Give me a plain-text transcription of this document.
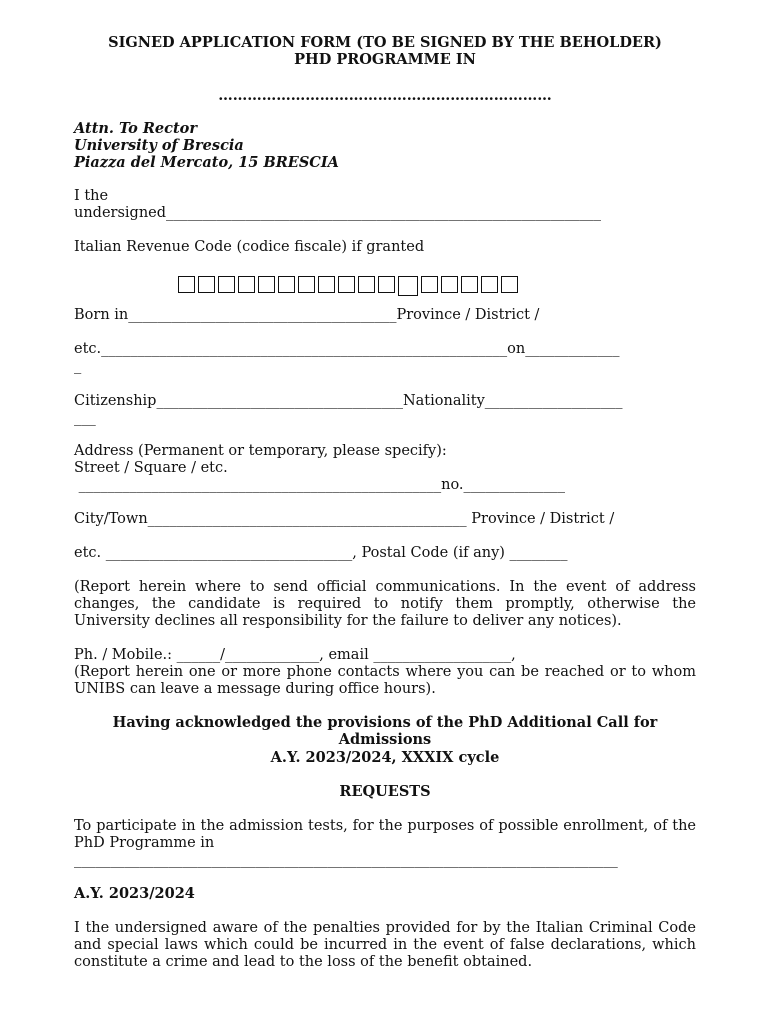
SIGNED APPLICATION FORM (TO BE SIGNED BY THE BEHOLDER)
PHD PROGRAMME IN
……………………………………………………………
Attn. To Rector
University of Brescia
Piazza del Mercato, 15 BRESCIA
I the
undersigned____________________________________________________________
Italian Revenue Code (codice fiscale) if granted
Born in_____________________________________Province / District /
etc.________________________________________________________on_____________
_
Citizenship__________________________________Nationality___________________
___
Address (Permanent or temporary, please specify):
Street / Square / etc.
__________________________________________________no.______________
City/Town____________________________________________ Province / District /
etc. __________________________________, Postal Code (if any) ________
(Report herein where to send official communications. In the event of address changes, the candidate is required to notify them promptly, otherwise the University declines all responsibility for the failure to deliver any notices).
Ph. / Mobile.: ______/_____________, email ___________________,
(Report herein one or more phone contacts where you can be reached or to whom UNIBS can leave a message during office hours).
Having acknowledged the provisions of the PhD Additional Call for
Admissions
A.Y. 2023/2024, XXXIX cycle
REQUESTS
To participate in the admission tests, for the purposes of possible enrollment, of the PhD Programme in
___________________________________________________________________________
A.Y. 2023/2024
I the undersigned aware of the penalties provided for by the Italian Criminal Code and special laws which could be incurred in the event of false declarations, which constitute a crime and lead to the loss of the benefit obtained.
